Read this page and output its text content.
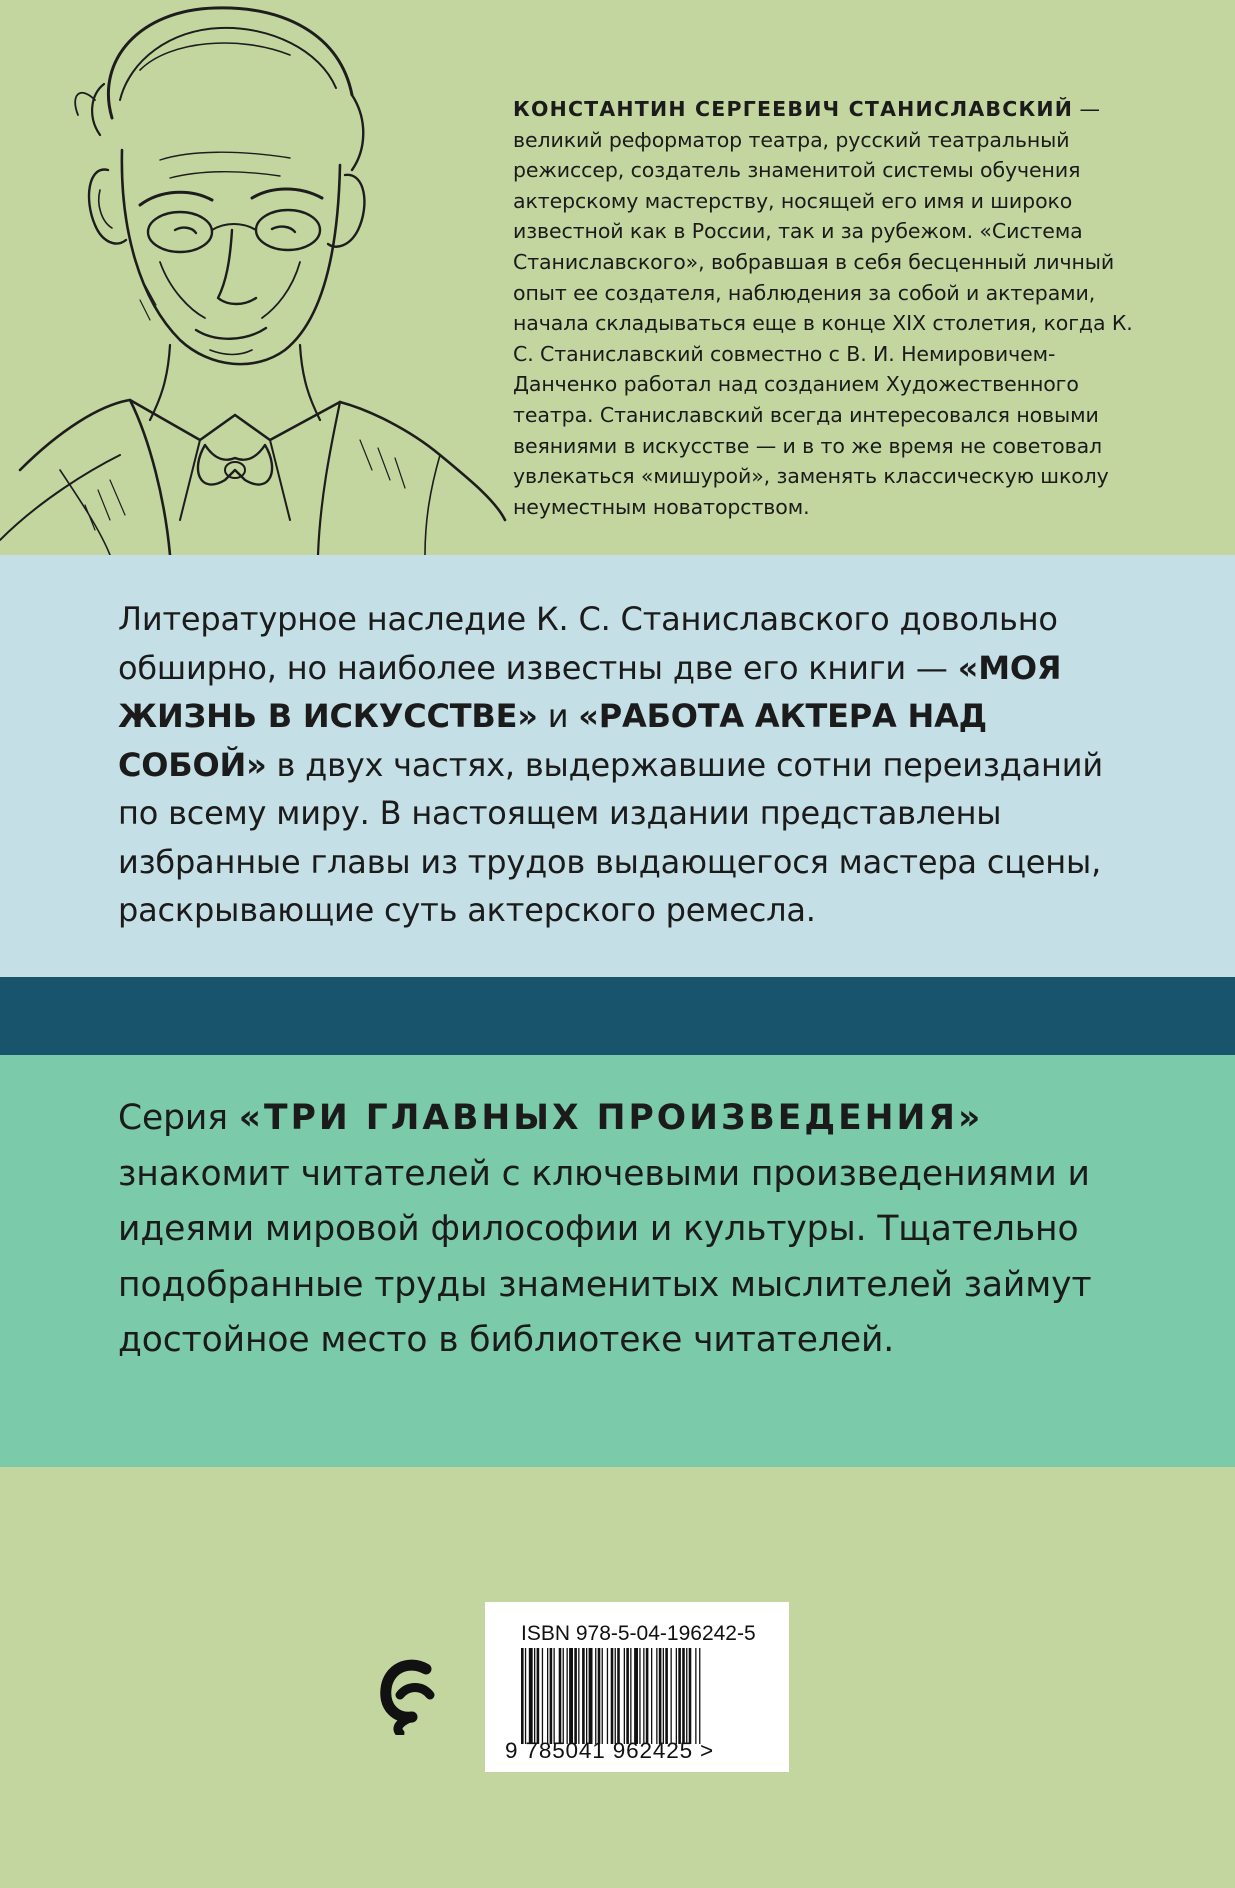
КОНСТАНТИН СЕРГЕЕВИЧ СТАНИСЛАВСКИЙ — великий реформатор театра, русский театральный режиссер, создатель знаменитой системы обучения актерскому мастерству, носящей его имя и широко известной как в России, так и за рубежом. «Система Станиславского», вобравшая в себя бесценный личный опыт ее создателя, наблюдения за собой и актерами, начала складываться еще в конце XIX столетия, когда К. С. Станиславский совместно с В. И. Немировичем-Данченко работал над созданием Художественного театра. Станиславский всегда интересовался новыми веяниями в искусстве — и в то же время не советовал увлекаться «мишурой», заменять классическую школу неуместным новаторством.
Литературное наследие К. С. Станиславского довольно обширно, но наиболее известны две его книги — «МОЯ ЖИЗНЬ В ИСКУССТВЕ» и «РАБОТА АКТЕРА НАД СОБОЙ» в двух частях, выдержавшие сотни переизданий по всему миру. В настоящем издании представлены избранные главы из трудов выдающегося мастера сцены, раскрывающие суть актерского ремесла.
Серия «ТРИ ГЛАВНЫХ ПРОИЗВЕДЕНИЯ» знакомит читателей с ключевыми произведениями и идеями мировой философии и культуры. Тщательно подобранные труды знаменитых мыслителей займут достойное место в библиотеке читателей.
ISBN 978-5-04-196242-5
9 785041 962425 >
